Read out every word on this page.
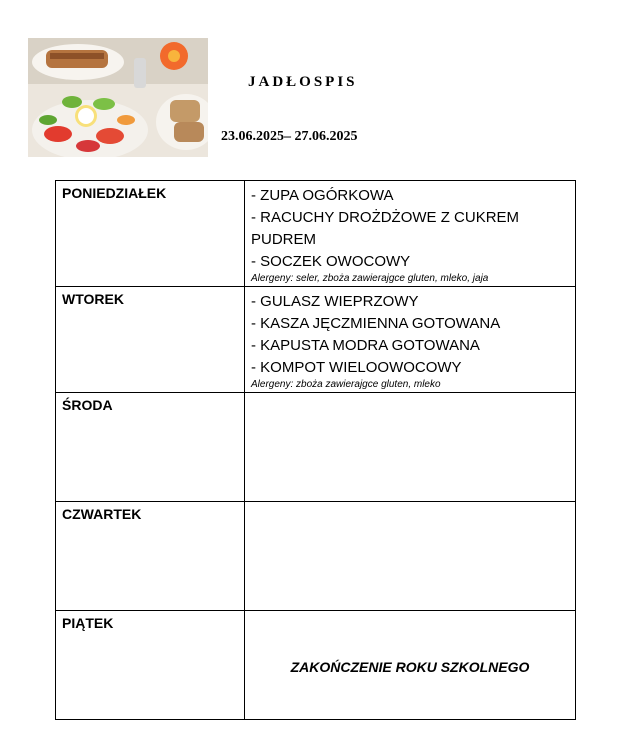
JADŁOSPIS
23.06.2025– 27.06.2025
PONIEDZIAŁEK	- ZUPA OGÓRKOWA
- RACUCHY DROŻDŻOWE Z CUKREM PUDREM
- SOCZEK OWOCOWY
Alergeny: seler, zboża zawierajgce gluten, mleko, jaja

WTOREK	- GULASZ WIEPRZOWY
- KASZA JĘCZMIENNA GOTOWANA
- KAPUSTA MODRA GOTOWANA
- KOMPOT WIELOOWOCOWY
Alergeny: zboża zawierajgce gluten, mleko

ŚRODA	
CZWARTEK	
PIĄTEK	ZAKOŃCZENIE ROKU SZKOLNEGO
